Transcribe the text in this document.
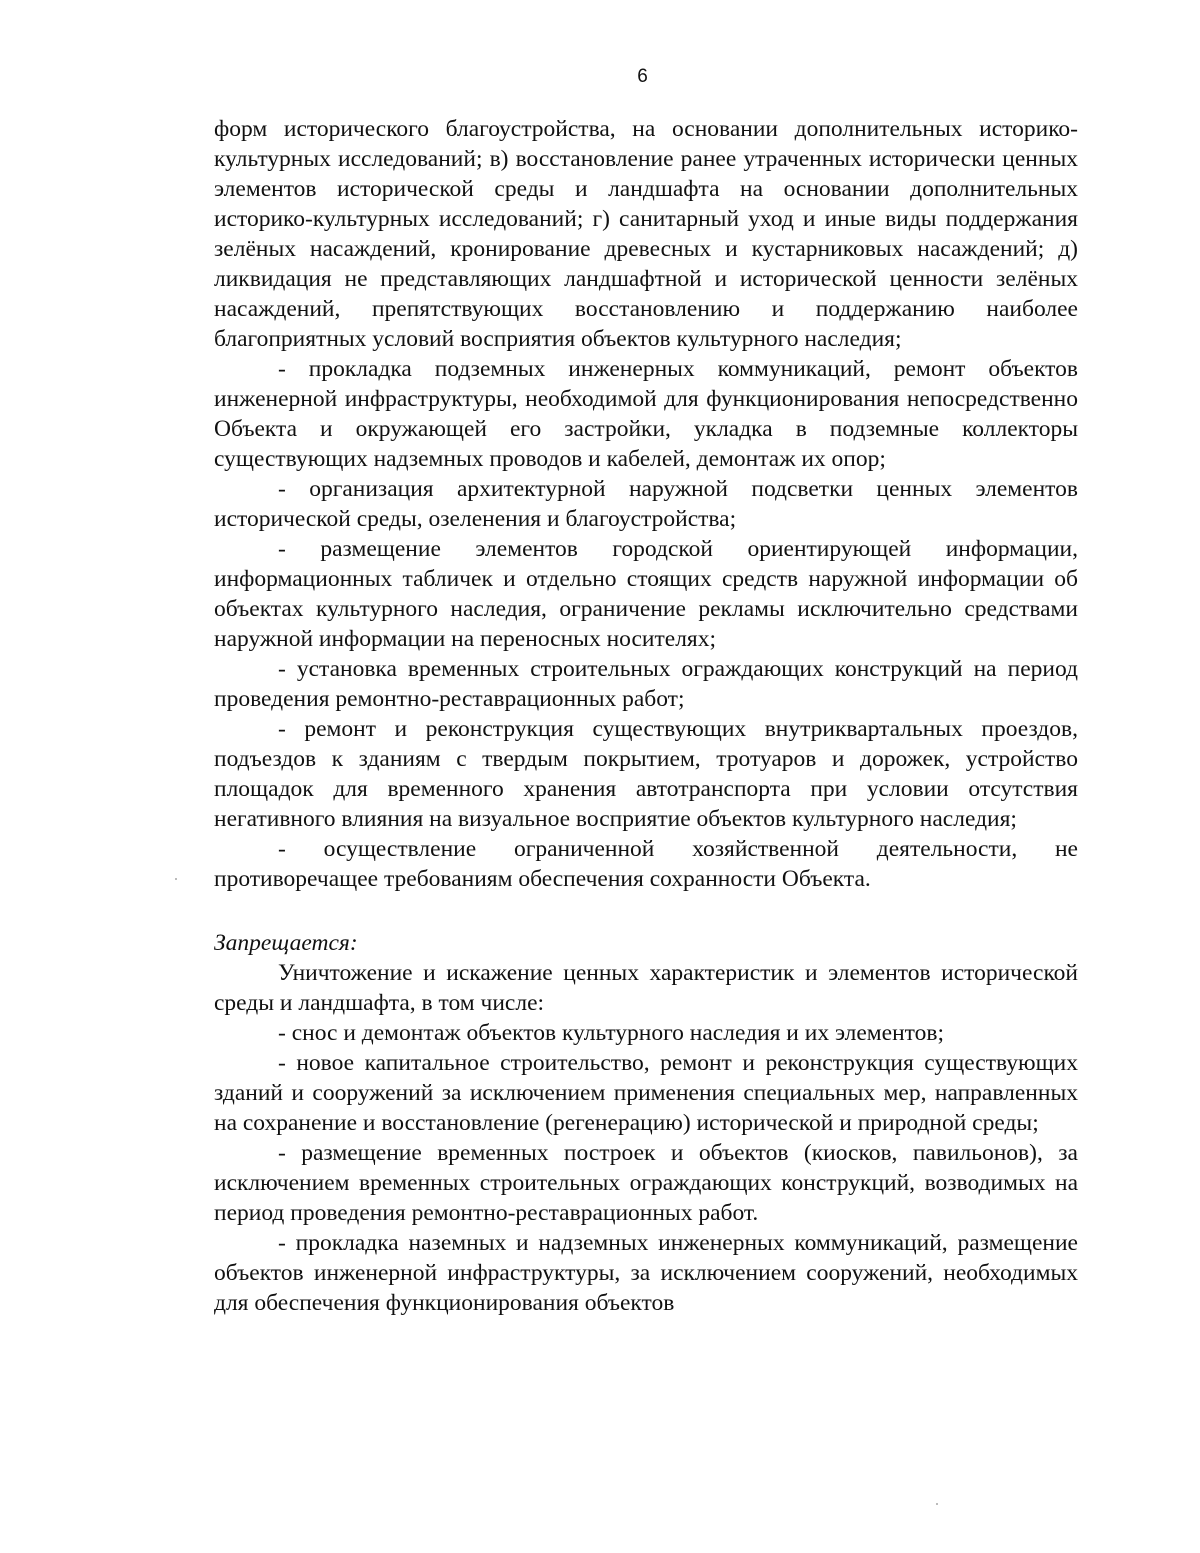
6

форм исторического благоустройства, на основании дополнительных историко-культурных исследований; в) восстановление ранее утраченных исторически ценных элементов исторической среды и ландшафта на основании дополнительных историко-культурных исследований; г) санитарный уход и иные виды поддержания зелёных насаждений, кронирование древесных и кустарниковых насаждений; д) ликвидация не представляющих ландшафтной и исторической ценности зелёных насаждений, препятствующих восстановлению и поддержанию наиболее благоприятных условий восприятия объектов культурного наследия;

- прокладка подземных инженерных коммуникаций, ремонт объектов инженерной инфраструктуры, необходимой для функционирования непосредственно Объекта и окружающей его застройки, укладка в подземные коллекторы существующих надземных проводов и кабелей, демонтаж их опор;

- организация архитектурной наружной подсветки ценных элементов исторической среды, озеленения и благоустройства;

- размещение элементов городской ориентирующей информации, информационных табличек и отдельно стоящих средств наружной информации об объектах культурного наследия, ограничение рекламы исключительно средствами наружной информации на переносных носителях;

- установка временных строительных ограждающих конструкций на период проведения ремонтно-реставрационных работ;

- ремонт и реконструкция существующих внутриквартальных проездов, подъездов к зданиям с твердым покрытием, тротуаров и дорожек, устройство площадок для временного хранения автотранспорта при условии отсутствия негативного влияния на визуальное восприятие объектов культурного наследия;

- осуществление ограниченной хозяйственной деятельности, не противоречащее требованиям обеспечения сохранности Объекта.

Запрещается:

Уничтожение и искажение ценных характеристик и элементов исторической среды и ландшафта, в том числе:

- снос и демонтаж объектов культурного наследия и их элементов;

- новое капитальное строительство, ремонт и реконструкция существующих зданий и сооружений за исключением применения специальных мер, направленных на сохранение и восстановление (регенерацию) исторической и природной среды;

- размещение временных построек и объектов (киосков, павильонов), за исключением временных строительных ограждающих конструкций, возводимых на период проведения ремонтно-реставрационных работ.

- прокладка наземных и надземных инженерных коммуникаций, размещение объектов инженерной инфраструктуры, за исключением сооружений, необходимых для обеспечения функционирования объектов
